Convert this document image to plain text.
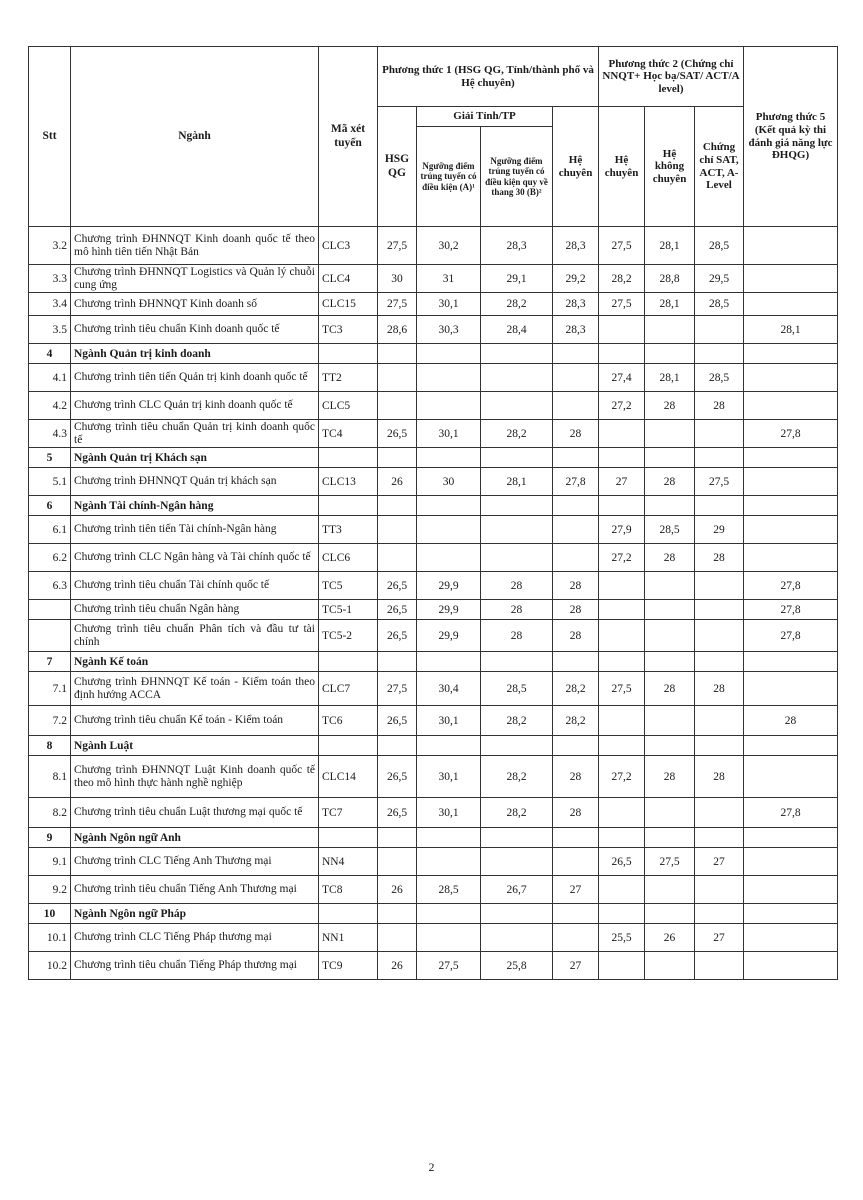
Stt	Ngành	Mã xét tuyển	Phương thức 1 (HSG QG, Tỉnh/thành phố và Hệ chuyên)				Phương thức 2 (Chứng chỉ NNQT+ Học bạ/SAT/ ACT/A level)			Phương thức 5 (Kết quả kỳ thi đánh giá năng lực ĐHQG)
			HSG QG	Giải Tỉnh/TP		Hệ chuyên	Hệ chuyên	Hệ không chuyên	Chứng chỉ SAT, ACT, A-Level	
				Ngưỡng điểm trúng tuyển có điều kiện (A)¹	Ngưỡng điểm trúng tuyển có điều kiện quy về thang 30 (B)²					
3.2	Chương trình ĐHNNQT Kinh doanh quốc tế theo mô hình tiên tiến Nhật Bản	CLC3	27,5	30,2	28,3	28,3	27,5	28,1	28,5	
3.3	Chương trình ĐHNNQT Logistics và Quản lý chuỗi cung ứng	CLC4	30	31	29,1	29,2	28,2	28,8	29,5	
3.4	Chương trình ĐHNNQT Kinh doanh số	CLC15	27,5	30,1	28,2	28,3	27,5	28,1	28,5	
3.5	Chương trình tiêu chuẩn Kinh doanh quốc tế	TC3	28,6	30,3	28,4	28,3				28,1
4	Ngành Quản trị kinh doanh									
4.1	Chương trình tiên tiến Quản trị kinh doanh quốc tế	TT2					27,4	28,1	28,5	
4.2	Chương trình CLC Quản trị kinh doanh quốc tế	CLC5					27,2	28	28	
4.3	Chương trình tiêu chuẩn Quản trị kinh doanh quốc tế	TC4	26,5	30,1	28,2	28				27,8
5	Ngành Quản trị Khách sạn									
5.1	Chương trình ĐHNNQT Quản trị khách sạn	CLC13	26	30	28,1	27,8	27	28	27,5	
6	Ngành Tài chính-Ngân hàng									
6.1	Chương trình tiên tiến Tài chính-Ngân hàng	TT3					27,9	28,5	29	
6.2	Chương trình CLC Ngân hàng và Tài chính quốc tế	CLC6					27,2	28	28	
6.3	Chương trình tiêu chuẩn Tài chính quốc tế	TC5	26,5	29,9	28	28				27,8
	Chương trình tiêu chuẩn Ngân hàng	TC5-1	26,5	29,9	28	28				27,8
	Chương trình tiêu chuẩn Phân tích và đầu tư tài chính	TC5-2	26,5	29,9	28	28				27,8
7	Ngành Kế toán									
7.1	Chương trình ĐHNNQT Kế toán - Kiểm toán theo định hướng ACCA	CLC7	27,5	30,4	28,5	28,2	27,5	28	28	
7.2	Chương trình tiêu chuẩn Kế toán - Kiểm toán	TC6	26,5	30,1	28,2	28,2				28
8	Ngành Luật									
8.1	Chương trình ĐHNNQT Luật Kinh doanh quốc tế theo mô hình thực hành nghề nghiệp	CLC14	26,5	30,1	28,2	28	27,2	28	28	
8.2	Chương trình tiêu chuẩn Luật thương mại quốc tế	TC7	26,5	30,1	28,2	28				27,8
9	Ngành Ngôn ngữ Anh									
9.1	Chương trình CLC Tiếng Anh Thương mại	NN4					26,5	27,5	27	
9.2	Chương trình tiêu chuẩn Tiếng Anh Thương mại	TC8	26	28,5	26,7	27				
10	Ngành Ngôn ngữ Pháp									
10.1	Chương trình CLC Tiếng Pháp thương mại	NN1					25,5	26	27	
10.2	Chương trình tiêu chuẩn Tiếng Pháp thương mại	TC9	26	27,5	25,8	27				
2
